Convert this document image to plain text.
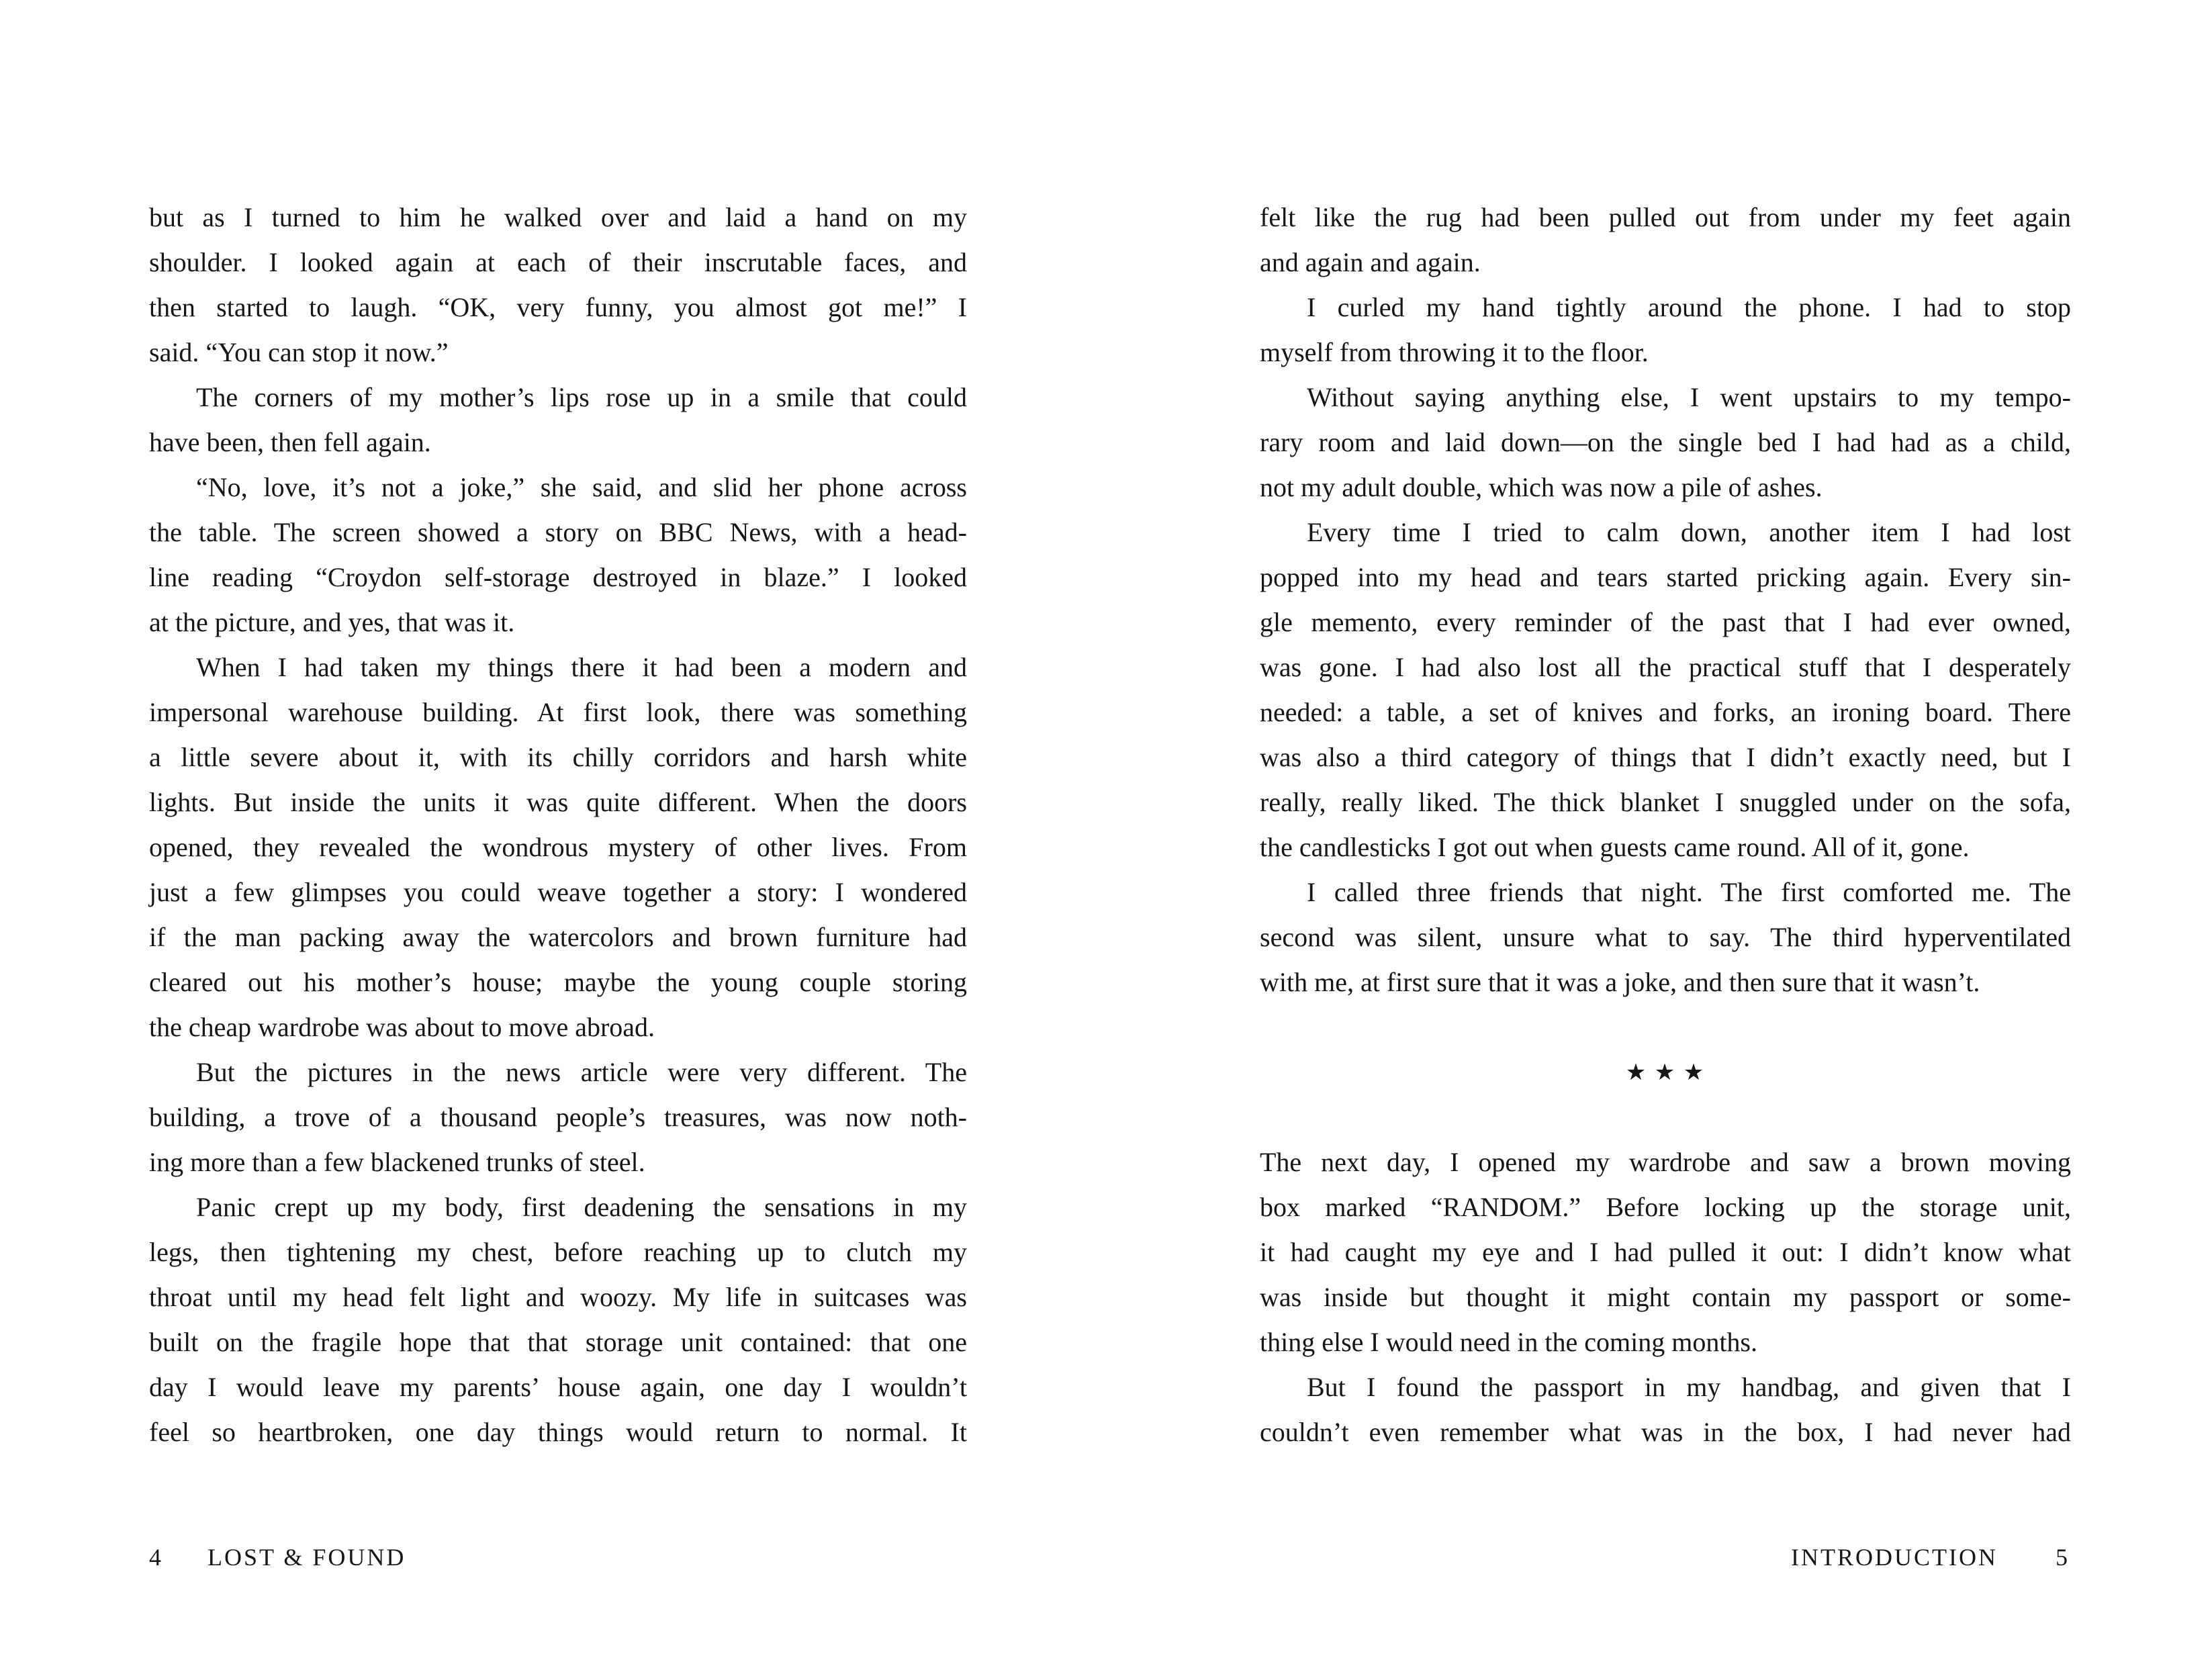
but as I turned to him he walked over and laid a hand on my
shoulder. I looked again at each of their inscrutable faces, and
then started to laugh. “OK, very funny, you almost got me!” I
said. “You can stop it now.”
The corners of my mother’s lips rose up in a smile that could
have been, then fell again.
“No, love, it’s not a joke,” she said, and slid her phone across
the table. The screen showed a story on BBC News, with a head-
line reading “Croydon self-storage destroyed in blaze.” I looked
at the picture, and yes, that was it.
When I had taken my things there it had been a modern and
impersonal warehouse building. At first look, there was something
a little severe about it, with its chilly corridors and harsh white
lights. But inside the units it was quite different. When the doors
opened, they revealed the wondrous mystery of other lives. From
just a few glimpses you could weave together a story: I wondered
if the man packing away the watercolors and brown furniture had
cleared out his mother’s house; maybe the young couple storing
the cheap wardrobe was about to move abroad.
But the pictures in the news article were very different. The
building, a trove of a thousand people’s treasures, was now noth-
ing more than a few blackened trunks of steel.
Panic crept up my body, first deadening the sensations in my
legs, then tightening my chest, before reaching up to clutch my
throat until my head felt light and woozy. My life in suitcases was
built on the fragile hope that that storage unit contained: that one
day I would leave my parents’ house again, one day I wouldn’t
feel so heartbroken, one day things would return to normal. It
felt like the rug had been pulled out from under my feet again
and again and again.
I curled my hand tightly around the phone. I had to stop
myself from throwing it to the floor.
Without saying anything else, I went upstairs to my tempo-
rary room and laid down—on the single bed I had had as a child,
not my adult double, which was now a pile of ashes.
Every time I tried to calm down, another item I had lost
popped into my head and tears started pricking again. Every sin-
gle memento, every reminder of the past that I had ever owned,
was gone. I had also lost all the practical stuff that I desperately
needed: a table, a set of knives and forks, an ironing board. There
was also a third category of things that I didn’t exactly need, but I
really, really liked. The thick blanket I snuggled under on the sofa,
the candlesticks I got out when guests came round. All of it, gone.
I called three friends that night. The first comforted me. The
second was silent, unsure what to say. The third hyperventilated
with me, at first sure that it was a joke, and then sure that it wasn’t.
★ ★ ★
The next day, I opened my wardrobe and saw a brown moving
box marked “RANDOM.” Before locking up the storage unit,
it had caught my eye and I had pulled it out: I didn’t know what
was inside but thought it might contain my passport or some-
thing else I would need in the coming months.
But I found the passport in my handbag, and given that I
couldn’t even remember what was in the box, I had never had
4 LOST & FOUND	INTRODUCTION 5
